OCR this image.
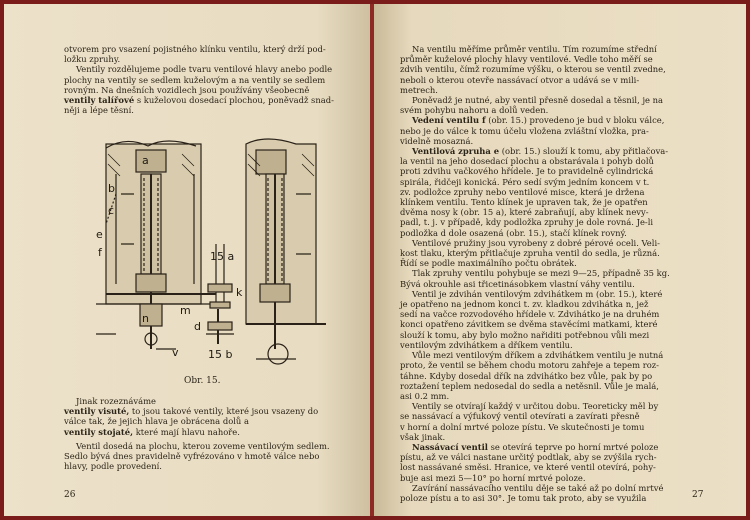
otvorem pro vsazení pojistného klínku ventilu, který drží pod-

ložku zpruhy.

Ventily rozdělujeme podle tvaru ventilové hlavy anebo podle

plochy na ventily se sedlem kuželovým a na ventily se sedlem

rovným. Na dnešních vozidlech jsou používány všeobecně

ventily talířové s kuželovou dosedací plochou, poněvadž snad-

něji a lépe těsní.

a
b
c
e
f	15 a
k
d
n
m
v	15 b
Obr. 15.

Jinak rozeznáváme

ventily visuté, to jsou takové ventily, které jsou vsazeny do

válce tak, že jejich hlava je obrácena dolů a

ventily stojaté, které mají hlavu nahoře.

Ventil dosedá na plochu, kterou zoveme ventilovým sedlem.

Sedlo bývá dnes pravidelně vyfrézováno v hmotě válce nebo

hlavy, podle provedení.

26

Na ventilu měříme průměr ventilu. Tím rozumíme střední

průměr kuželové plochy hlavy ventilové. Vedle toho měří se

zdvih ventilu, čímž rozumíme výšku, o kterou se ventil zvedne,

neboli o kterou otevře nassávací otvor a udává se v mili-

metrech.

Poněvadž je nutné, aby ventil přesně dosedal a těsnil, je na

svém pohybu nahoru a dolů veden.

Vedení ventilu f (obr. 15.) provedeno je bud v bloku válce,

nebo je do válce k tomu účelu vložena zvláštní vložka, pra-

videlně mosazná.

Ventilová zpruha e (obr. 15.) slouží k tomu, aby přitlačova-

la ventil na jeho dosedací plochu a obstarávala i pohyb dolů

proti zdvihu vačkového hřídele. Je to pravidelně cylindrická

spirála, řidčeji konická. Péro sedí svým jedním koncem v t.

zv. podložce zpruhy nebo ventilové misce, která je držena

klínkem ventilu. Tento klínek je upraven tak, že je opatřen

dvěma nosy k (obr. 15 a), které zabraňují, aby klínek nevy-

padl, t. j. v případě, kdy podložka zpruhy je dole rovná. Je-li

podložka d dole osazená (obr. 15.), stačí klínek rovný.

Ventilové pružiny jsou vyrobeny z dobré pérové oceli. Veli-

kost tlaku, kterým přitlačuje zpruha ventil do sedla, je různá.

Řídí se podle maximálního počtu obrátek.

Tlak zpruhy ventilu pohybuje se mezi 9—25, případně 35 kg.

Bývá okrouhle asi třicetinásobkem vlastní váhy ventilu.

Ventil je zdvihán ventilovým zdvihátkem m (obr. 15.), které

je opatřeno na jednom konci t. zv. kladkou zdvihátka n, jež

sedí na vačce rozvodového hřídele v. Zdvihátko je na druhém

konci opatřeno závitkem se dvěma stavěcími matkami, které

slouží k tomu, aby bylo možno nařiditi potřebnou vůli mezi

ventilovým zdvihátkem a dříkem ventilu.

Vůle mezi ventilovým dříkem a zdvihátkem ventilu je nutná

proto, že ventil se během chodu motoru zahřeje a tepem roz-

táhne. Kdyby dosedal dřík na zdvihátko bez vůle, pak by po

roztažení teplem nedosedal do sedla a netěsnil. Vůle je malá,

asi 0.2 mm.

Ventily se otvírají každý v určitou dobu. Teoreticky měl by

se nassávací a výfukový ventil otevírati a zavírati přesně

v horní a dolní mrtvé poloze pístu. Ve skutečnosti je tomu

však jinak.

Nassávací ventil se otevírá teprve po horní mrtvé poloze

pístu, až ve válci nastane určitý podtlak, aby se zvýšila rych-

lost nassávané směsi. Hranice, ve které ventil otevírá, pohy-

buje asi mezi 5—10° po horní mrtvé poloze.

Zavírání nassávacího ventilu děje se také až po dolní mrtvé

poloze pístu a to asi 30°. Je tomu tak proto, aby se využila	27
